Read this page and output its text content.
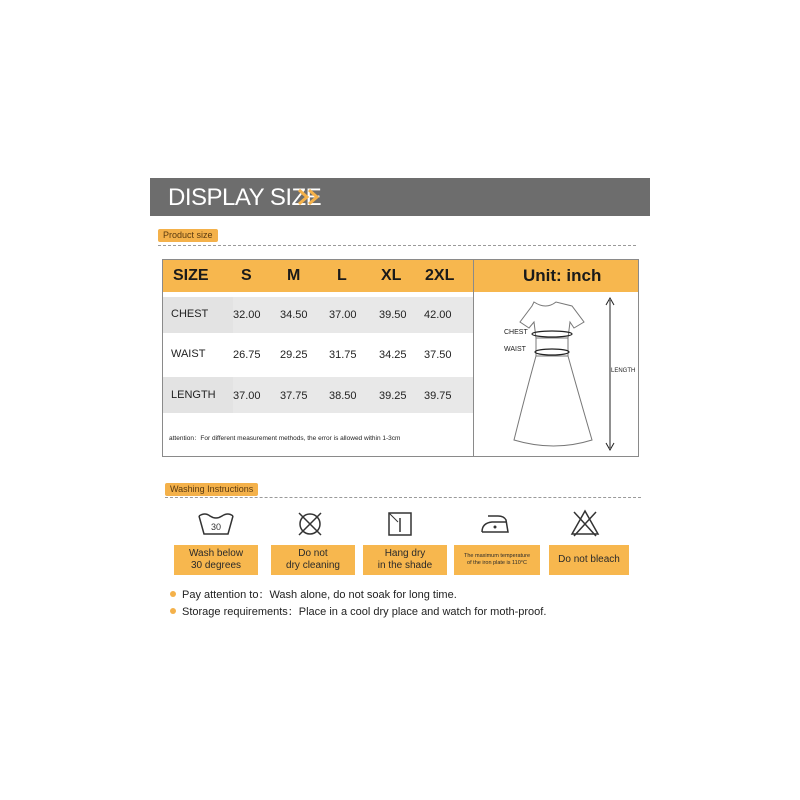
DISPLAY SIZE
Product size
SIZE S M L XL 2XL	Unit: inch
CHEST 32.00 34.50 37.00 39.50 42.00
WAIST	26.75 29.25 31.75 34.25 37.50
LENGTH 37.00 37.75 38.50 39.25 39.75
attention：For different measurement methods, the error is allowed within 1-3cm
CHEST
WAIST
LENGTH
Washing Instructions
30
Wash below
30 degrees
Do not
dry cleaning
Hang dry
in the shade
The maximum temperature
of the iron plate is 110°C	Do not bleach
Pay attention to：Wash alone, do not soak for long time.
Storage requirements：Place in a cool dry place and watch for moth-proof.
